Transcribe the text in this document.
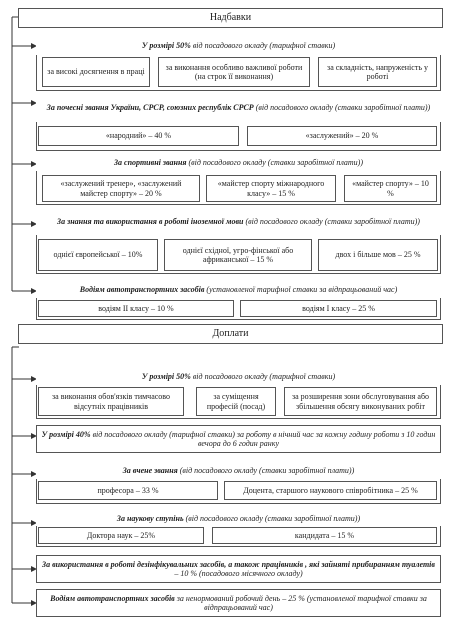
Надбавки
У розмірі 50% від посадового окладу (тарифної ставки)
за високі досягнення в праці
за виконання особливо важливої роботи (на строк її виконання)
за складність, напруженість у роботі
За почесні звання України, СРСР, союзних республік СРСР (від посадового окладу (ставки заробітної плати))
«народний» – 40 %	«заслужений» – 20 %
За спортивні звання (від посадового окладу (ставки заробітної плати))
«заслужений тренер», «заслужений майстер спорту» – 20 %
«майстер спорту міжнародного класу» – 15 %
«майстер спорту» – 10 %
За знання та використання в роботі іноземної мови (від посадового окладу (ставки заробітної плати))
однієї європейської – 10%
однієї східної, угро-фінської або африканської – 15 %
двох і більше мов – 25 %
Водіям автотранспортних засобів (установленої тарифної ставки за відпрацьований час)
водіям ІІ класу – 10 %	водіям І класу – 25 %
Доплати
У розмірі 50% від посадового окладу (тарифної ставки)
за виконання обов'язків тимчасово відсутніх працівників
за суміщення професій (посад)
за розширення зони обслуговування або збільшення обсягу виконуваних робіт
У розмірі 40% від посадового окладу (тарифної ставки) за роботу в нічний час за кожну годину роботи з 10 годин вечора до 6 годин ранку
За вчене звання (від посадового окладу (ставки заробітної плати))
професора – 33 %	Доцента, старшого наукового співробітника – 25 %
За наукову ступінь (від посадового окладу (ставки заробітної плати))
Доктора наук – 25%	кандидата – 15 %
За використання в роботі дезінфікувальних засобів, а також працівників , які зайняті прибиранням туалетів – 10 % (посадового місячного окладу)
Водіям автотранспортних засобів за ненормований робочий день – 25 % (установленої тарифної ставки за відпрацьований час)
